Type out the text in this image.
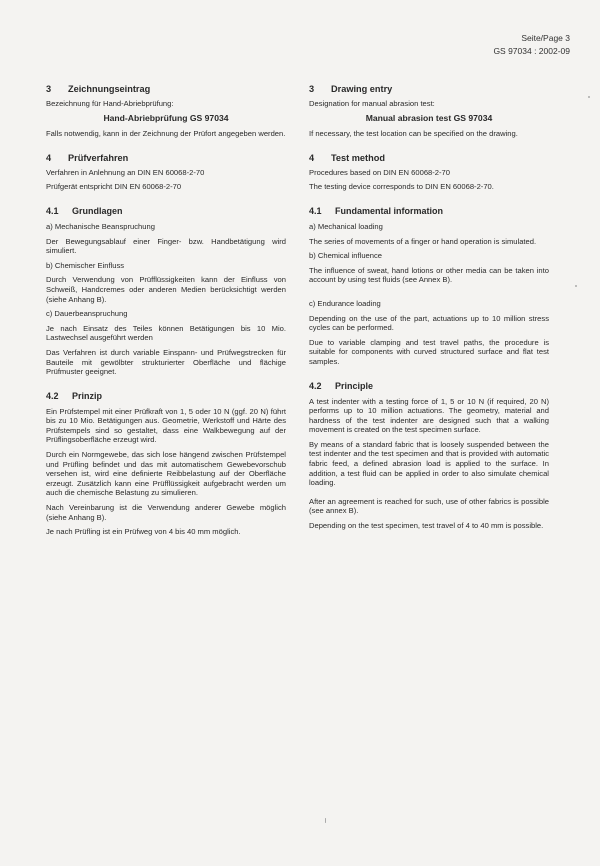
Seite/Page 3
GS 97034 : 2002-09
3 Zeichnungseintrag

Bezeichnung für Hand-Abriebprüfung:

Hand-Abriebprüfung GS 97034

Falls notwendig, kann in der Zeichnung der Prüfort angegeben werden.

4 Prüfverfahren

Verfahren in Anlehnung an DIN EN 60068-2-70

Prüfgerät entspricht DIN EN 60068-2-70

4.1 Grundlagen

a) Mechanische Beanspruchung

Der Bewegungsablauf einer Finger- bzw. Handbetätigung wird simuliert.

b) Chemischer Einfluss

Durch Verwendung von Prüfflüssigkeiten kann der Einfluss von Schweiß, Handcremes oder anderen Medien berücksichtigt werden (siehe Anhang B).

c) Dauerbeanspruchung

Je nach Einsatz des Teiles können Betätigungen bis 10 Mio. Lastwechsel ausgeführt werden

Das Verfahren ist durch variable Einspann- und Prüfwegstrecken für Bauteile mit gewölbter strukturierter Oberfläche und flächige Prüfmuster geeignet.

4.2 Prinzip

Ein Prüfstempel mit einer Prüfkraft von 1, 5 oder 10 N (ggf. 20 N) führt bis zu 10 Mio. Betätigungen aus. Geometrie, Werkstoff und Härte des Prüfstempels sind so gestaltet, dass eine Walkbewegung auf der Prüflingsoberfläche erzeugt wird.

Durch ein Normgewebe, das sich lose hängend zwischen Prüfstempel und Prüfling befindet und das mit automatischem Gewebevorschub versehen ist, wird eine definierte Reibbelastung auf der Oberfläche erzeugt. Zusätzlich kann eine Prüfflüssigkeit aufgebracht werden um auch die chemische Belastung zu simulieren.

Nach Vereinbarung ist die Verwendung anderer Gewebe möglich (siehe Anhang B).

Je nach Prüfling ist ein Prüfweg von 4 bis 40 mm möglich.

3 Drawing entry

Designation for manual abrasion test:

Manual abrasion test GS 97034

If necessary, the test location can be specified on the drawing.

4 Test method

Procedures based on DIN EN 60068-2-70

The testing device corresponds to DIN EN 60068-2-70.

4.1 Fundamental information

a) Mechanical loading

The series of movements of a finger or hand operation is simulated.

b) Chemical influence

The influence of sweat, hand lotions or other media can be taken into account by using test fluids (see Annex B).

c) Endurance loading

Depending on the use of the part, actuations up to 10 million stress cycles can be performed.

Due to variable clamping and test travel paths, the procedure is suitable for components with curved structured surface and flat test samples.

4.2 Principle

A test indenter with a testing force of 1, 5 or 10 N (if required, 20 N) performs up to 10 million actuations. The geometry, material and hardness of the test indenter are designed such that a walking movement is created on the test specimen surface.

By means of a standard fabric that is loosely suspended between the test indenter and the test specimen and that is provided with automatic fabric feed, a defined abrasion load is applied to the surface. In addition, a test fluid can be applied in order to also simulate chemical loading.

After an agreement is reached for such, use of other fabrics is possible (see annex B).

Depending on the test specimen, test travel of 4 to 40 mm is possible.
